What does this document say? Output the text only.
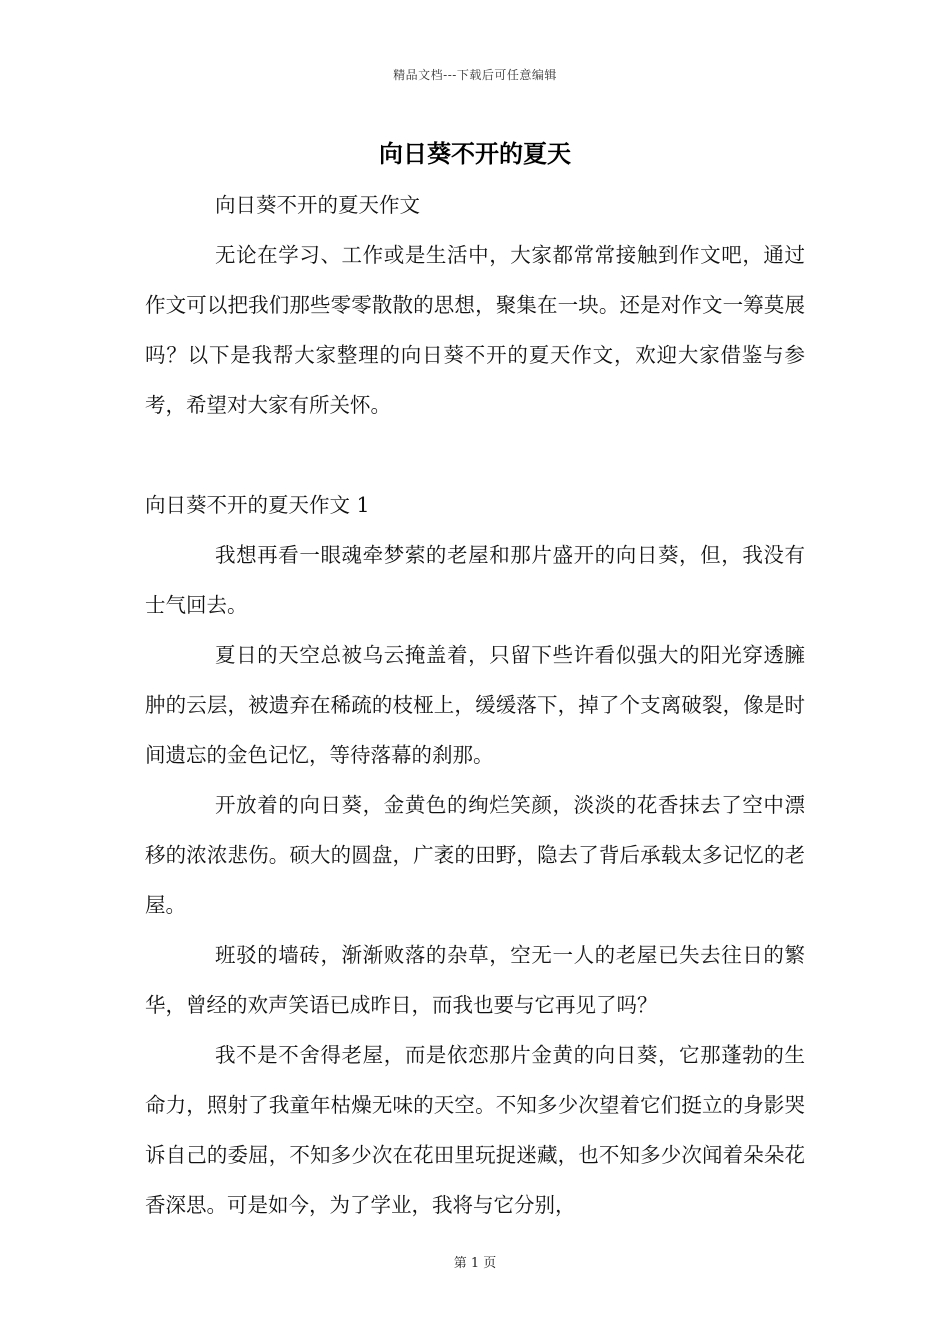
精品文档---下载后可任意编辑
向日葵不开的夏天

向日葵不开的夏天作文

无论在学习、工作或是生活中，大家都常常接触到作文吧，通过作文可以把我们那些零零散散的思想，聚集在一块。还是对作文一筹莫展吗？以下是我帮大家整理的向日葵不开的夏天作文，欢迎大家借鉴与参考，希望对大家有所关怀。

向日葵不开的夏天作文 1

我想再看一眼魂牵梦萦的老屋和那片盛开的向日葵，但，我没有士气回去。

夏日的天空总被乌云掩盖着，只留下些许看似强大的阳光穿透臃肿的云层，被遗弃在稀疏的枝桠上，缓缓落下，掉了个支离破裂，像是时间遗忘的金色记忆，等待落幕的刹那。

开放着的向日葵，金黄色的绚烂笑颜，淡淡的花香抹去了空中漂移的浓浓悲伤。硕大的圆盘，广袤的田野，隐去了背后承载太多记忆的老屋。

班驳的墙砖，渐渐败落的杂草，空无一人的老屋已失去往日的繁华，曾经的欢声笑语已成昨日，而我也要与它再见了吗？

我不是不舍得老屋，而是依恋那片金黄的向日葵，它那蓬勃的生命力，照射了我童年枯燥无味的天空。不知多少次望着它们挺立的身影哭诉自己的委屈，不知多少次在花田里玩捉迷藏，也不知多少次闻着朵朵花香深思。可是如今，为了学业，我将与它分别，

第 1 页
